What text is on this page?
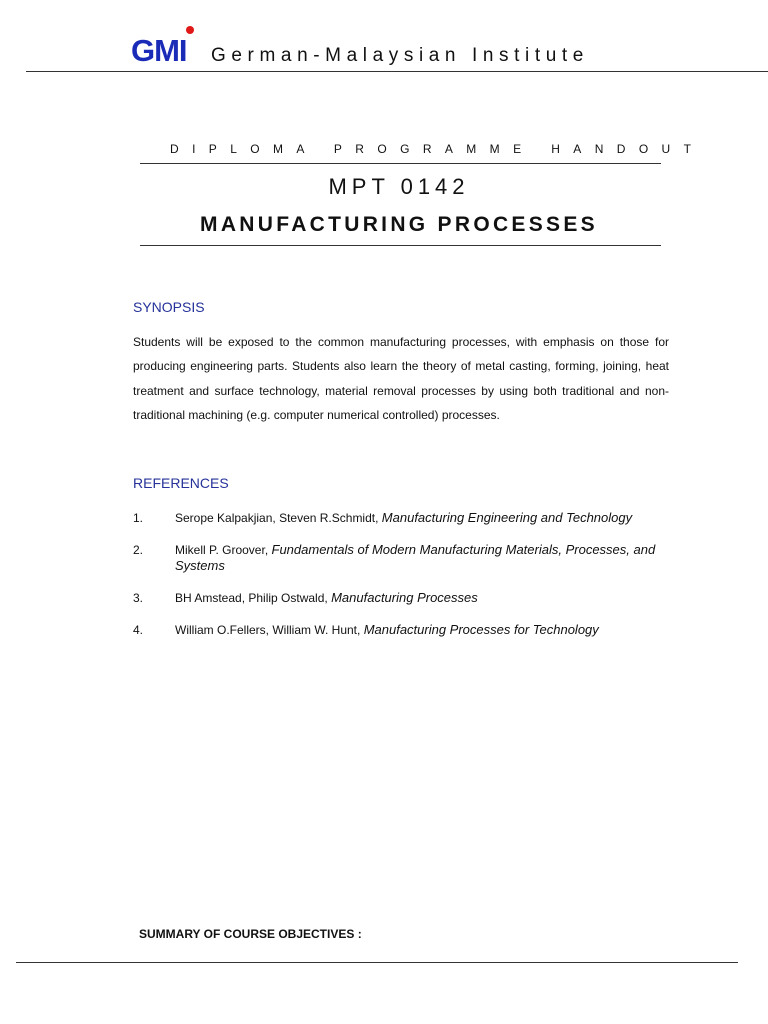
GMI German-Malaysian Institute
DIPLOMA PROGRAMME HANDOUT
MPT 0142
MANUFACTURING PROCESSES
SYNOPSIS
Students will be exposed to the common manufacturing processes, with emphasis on those for producing engineering parts. Students also learn the theory of metal casting, forming, joining, heat treatment and surface technology, material removal processes by using both traditional and non-traditional machining (e.g. computer numerical controlled) processes.
REFERENCES
1.	Serope Kalpakjian, Steven R.Schmidt, Manufacturing Engineering and Technology
2.	Mikell P. Groover, Fundamentals of Modern Manufacturing Materials, Processes, and Systems
3.	BH Amstead, Philip Ostwald, Manufacturing Processes
4.	William O.Fellers, William W. Hunt, Manufacturing Processes for Technology
SUMMARY OF COURSE OBJECTIVES :
